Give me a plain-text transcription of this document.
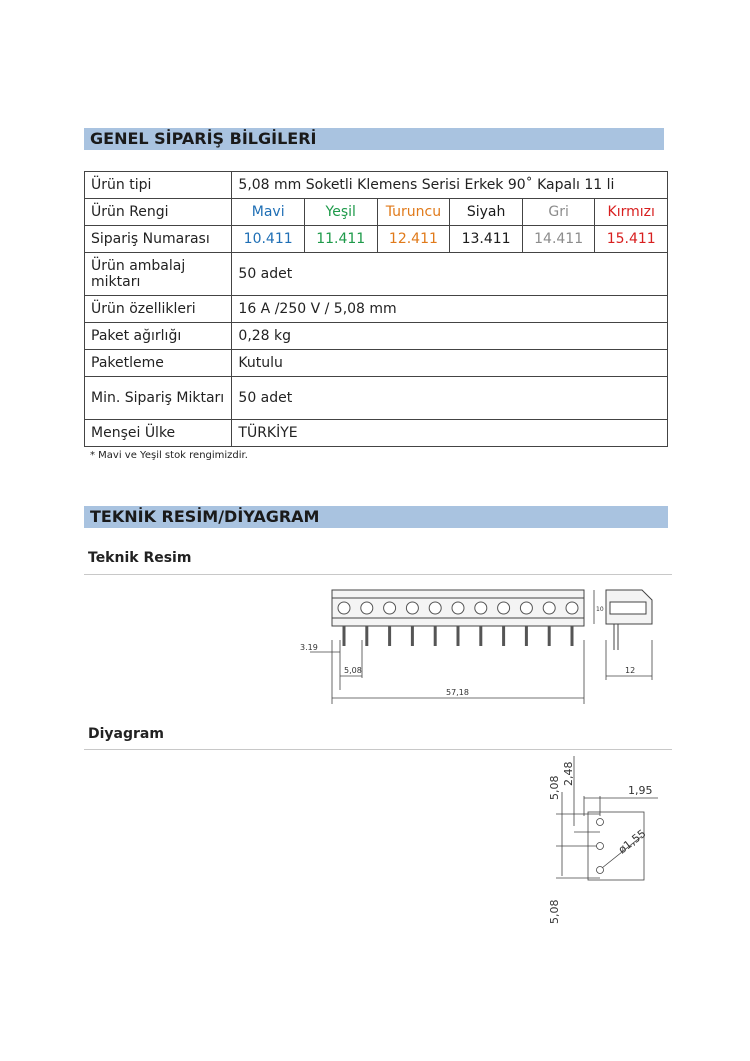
GENEL SİPARİŞ BİLGİLERİ
Ürün tipi	5,08 mm Soketli Klemens Serisi Erkek 90˚ Kapalı 11 li					
Ürün Rengi	Mavi	Yeşil	Turuncu	Siyah	Gri	Kırmızı
Sipariş Numarası	10.411	11.411	12.411	13.411	14.411	15.411
Ürün ambalaj miktarı	50 adet					
Ürün özellikleri	16 A /250 V / 5,08 mm					
Paket ağırlığı	0,28 kg					
Paketleme	Kutulu					
Min. Sipariş Miktarı	50 adet					
Menşei Ülke	TÜRKİYE					
* Mavi ve Yeşil stok rengimizdir.
TEKNİK RESİM/DİYAGRAM
Teknik Resim
3.19
5,08
57,18
12
10
Diyagram
5,08
2,48
1,95
ø1,55
5,08
